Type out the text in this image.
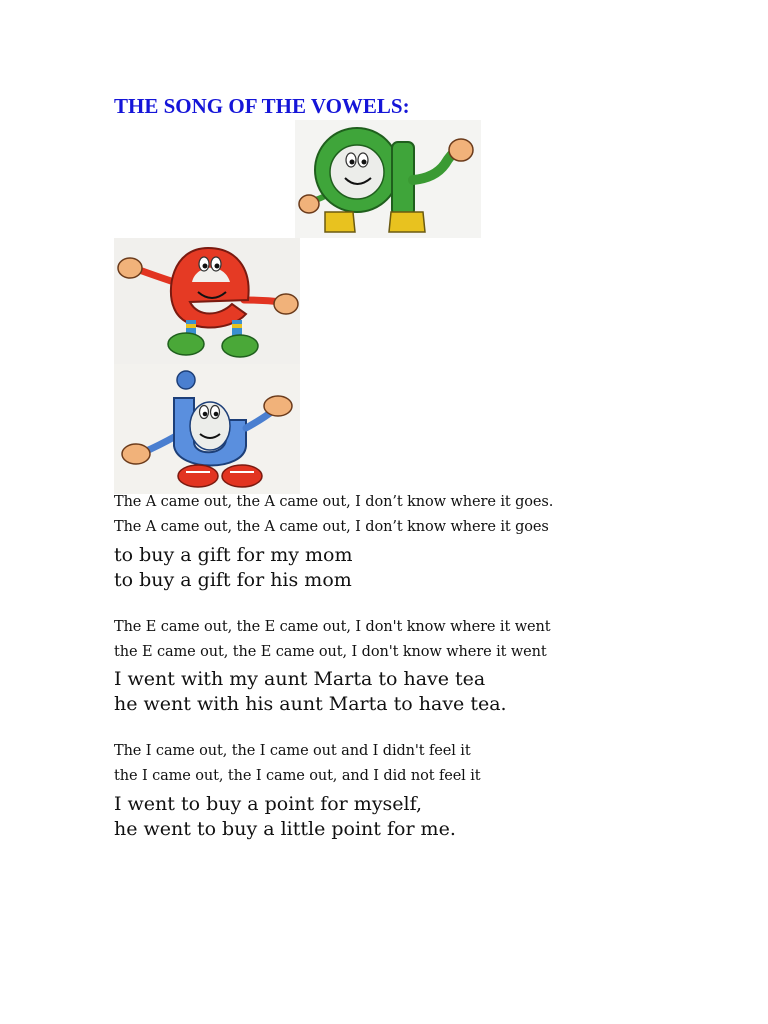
THE SONG OF THE VOWELS:

The A came out, the A came out, I don’t know where it goes.

The A came out, the A came out, I don’t know where it goes

to buy a gift for my mom

to buy a gift for his mom

The E came out, the E came out, I don't know where it went

the E came out, the E came out, I don't know where it went

I went with my aunt Marta to have tea

he went with his aunt Marta to have tea.

The I came out, the I came out and I didn't feel it

the I came out, the I came out, and I did not feel it

I went to buy a point for myself,

he went to buy a little point for me.
